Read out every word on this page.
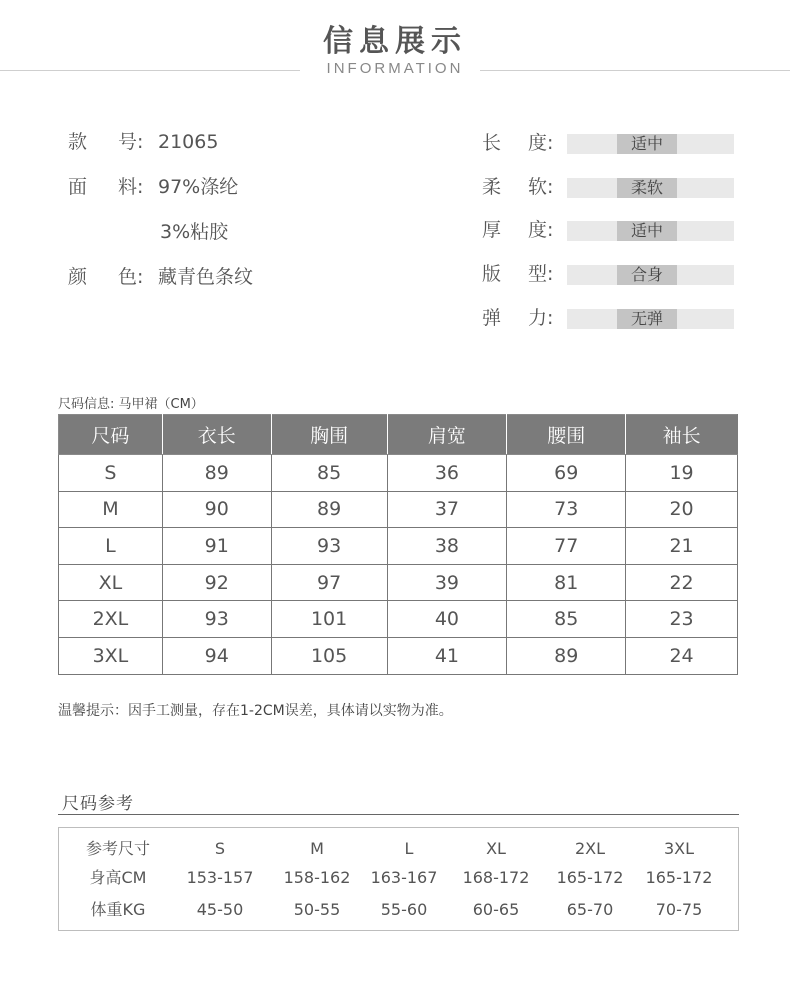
信息展示
INFORMATION
款 号: 21065
面 料: 97%涤纶
3%粘胶
颜 色: 藏青色条纹
长 度:	适中
柔 软:	柔软
厚 度:	适中
版 型:	合身
弹 力:	无弹
尺码信息: 马甲裙（CM）
尺码	衣长	胸围	肩宽	腰围	袖长
S	89	85	36	69	19
M	90	89	37	73	20
L	91	93	38	77	21
XL	92	97	39	81	22
2XL	93	101	40	85	23
3XL	94	105	41	89	24
温馨提示：因手工测量，存在1-2CM误差，具体请以实物为准。
尺码参考
参考尺寸	S	M	L	XL	2XL	3XL
身高CM	153-157	158-162	163-167	168-172	165-172	165-172
体重KG	45-50	50-55	55-60	60-65	65-70	70-75
